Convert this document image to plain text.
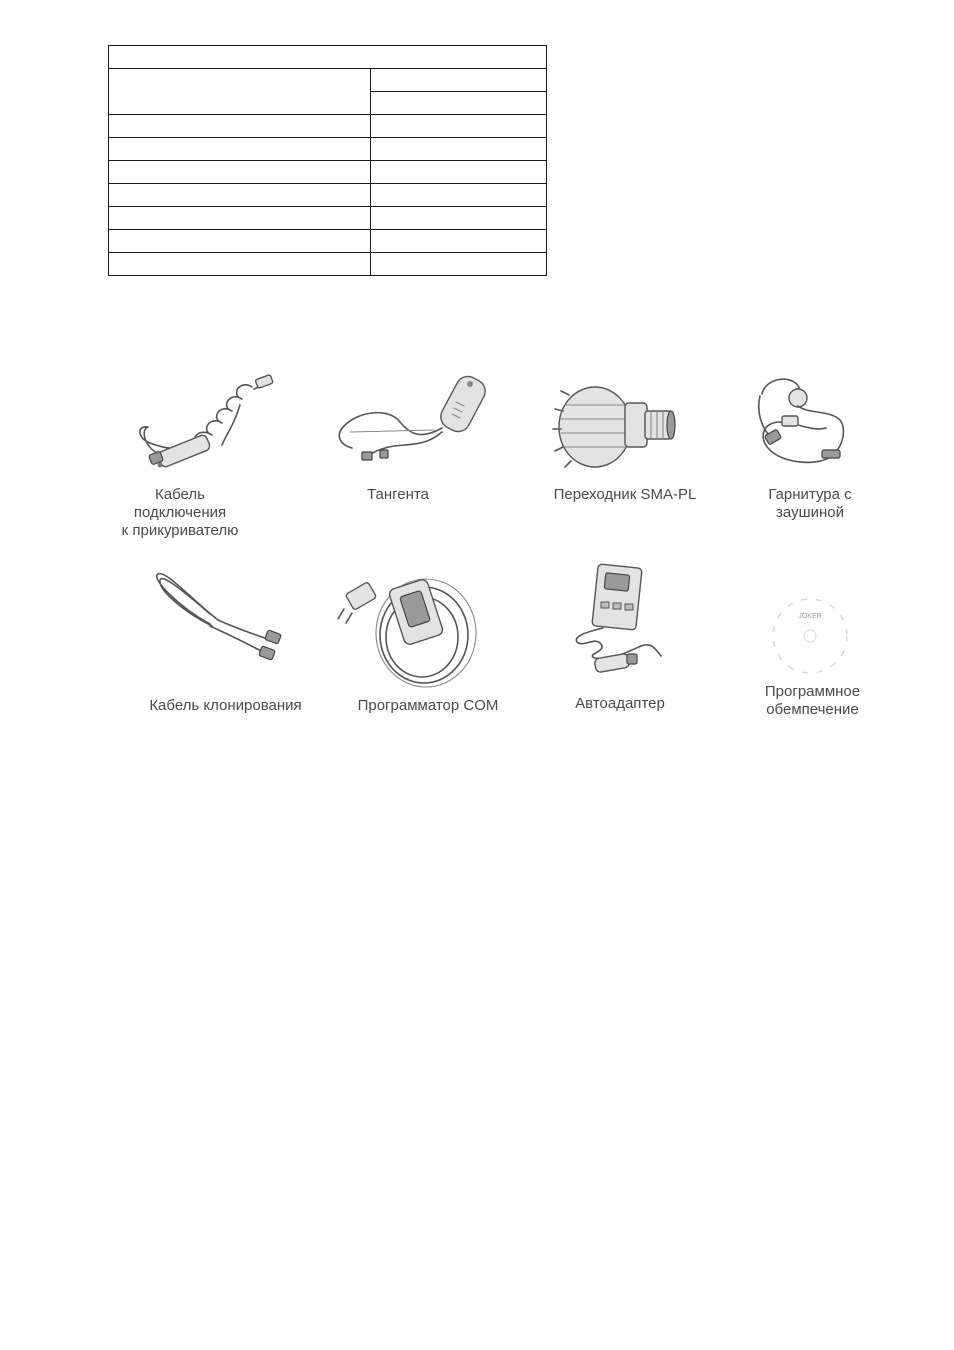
Кабель
подключения
к прикуривателю
Тангента	Переходник SMA-PL	Гарнитура с
заушиной
Кабель клонирования	Программатор COM	Автоадаптер
JOKER
Программное
обемпечение
